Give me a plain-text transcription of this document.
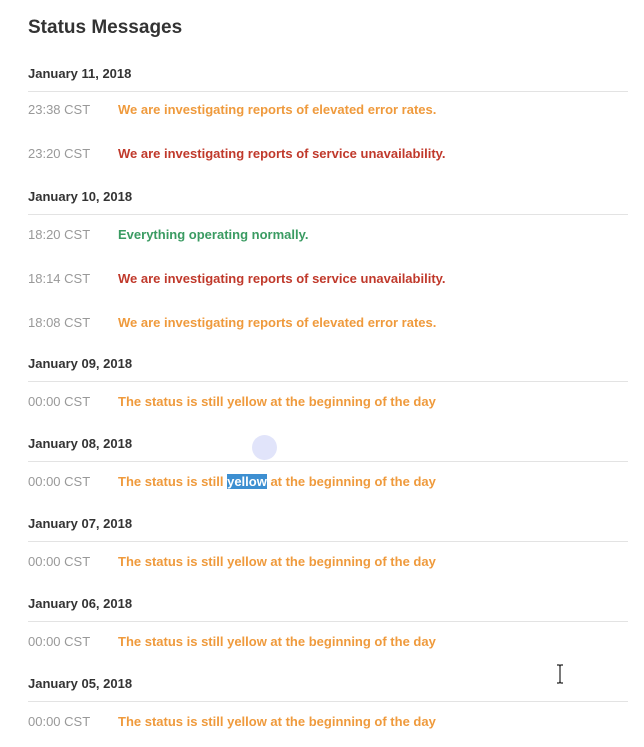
Status Messages
January 11, 2018
23:38 CST We are investigating reports of elevated error rates.
23:20 CST We are investigating reports of service unavailability.
January 10, 2018
18:20 CST Everything operating normally.
18:14 CST We are investigating reports of service unavailability.
18:08 CST We are investigating reports of elevated error rates.
January 09, 2018
00:00 CST The status is still yellow at the beginning of the day
January 08, 2018
00:00 CST The status is still yellow at the beginning of the day
January 07, 2018
00:00 CST The status is still yellow at the beginning of the day
January 06, 2018
00:00 CST The status is still yellow at the beginning of the day
January 05, 2018
00:00 CST The status is still yellow at the beginning of the day
